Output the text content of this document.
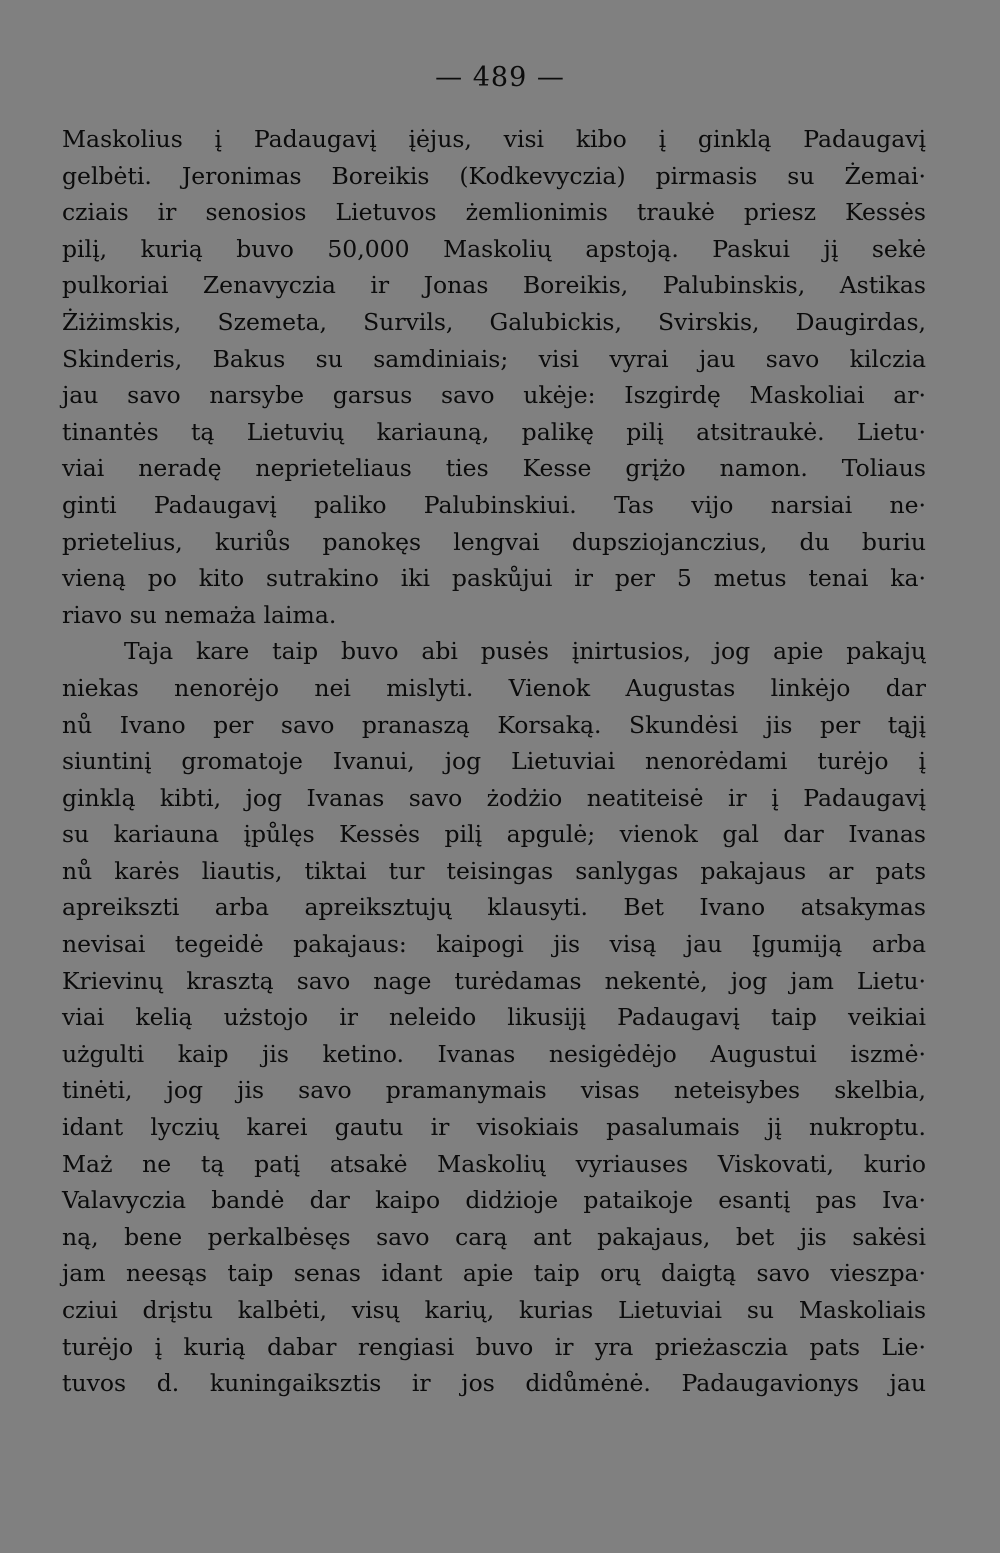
— 489 —
Maskolius į Padaugavį įėjus, visi kibo į ginklą Padaugavį
gelbėti. Jeronimas Boreikis (Kodkevyczia) pirmasis su Żemai·
cziais ir senosios Lietuvos żemlionimis traukė priesz Kessės
pilį, kurią buvo 50,000 Maskolių apstoją. Paskui jį sekė
pulkoriai Zenavyczia ir Jonas Boreikis, Palubinskis, Astikas
Żiżimskis, Szemeta, Survils, Galubickis, Svirskis, Daugirdas,
Skinderis, Bakus su samdiniais; visi vyrai jau savo kilczia
jau savo narsybe garsus savo ukėje: Iszgirdę Maskoliai ar·
tinantės tą Lietuvių kariauną, palikę pilį atsitraukė. Lietu·
viai neradę neprieteliaus ties Kesse grįżo namon. Toliaus
ginti Padaugavį paliko Palubinskiui. Tas vijo narsiai ne·
prietelius, kuriůs panokęs lengvai dupsziojanczius, du buriu
vieną po kito sutrakino iki paskůjui ir per 5 metus tenai ka·
riavo su nemaża laima.
Taja kare taip buvo abi pusės įnirtusios, jog apie pakajų
niekas nenorėjo nei mislyti. Vienok Augustas linkėjo dar
nů Ivano per savo pranaszą Korsaką. Skundėsi jis per tąjį
siuntinį gromatoje Ivanui, jog Lietuviai nenorėdami turėjo į
ginklą kibti, jog Ivanas savo żodżio neatiteisė ir į Padaugavį
su kariauna įpůlęs Kessės pilį apgulė; vienok gal dar Ivanas
nů karės liautis, tiktai tur teisingas sanlygas pakajaus ar pats
apreikszti arba apreiksztujų klausyti. Bet Ivano atsakymas
nevisai tegeidė pakajaus: kaipogi jis visą jau Įgumiją arba
Krievinų krasztą savo nage turėdamas nekentė, jog jam Lietu·
viai kelią użstojo ir neleido likusijį Padaugavį taip veikiai
użgulti kaip jis ketino. Ivanas nesigėdėjo Augustui iszmė·
tinėti, jog jis savo pramanymais visas neteisybes skelbia,
idant lyczių karei gautu ir visokiais pasalumais jį nukroptu.
Maż ne tą patį atsakė Maskolių vyriauses Viskovati, kurio
Valavyczia bandė dar kaipo didżioje pataikoje esantį pas Iva·
ną, bene perkalbėsęs savo carą ant pakajaus, bet jis sakėsi
jam neesąs taip senas idant apie taip orų daigtą savo vieszpa·
cziui drįstu kalbėti, visų karių, kurias Lietuviai su Maskoliais
turėjo į kurią dabar rengiasi buvo ir yra prieżasczia pats Lie·
tuvos d. kuningaiksztis ir jos didůmėnė. Padaugavionys jau
